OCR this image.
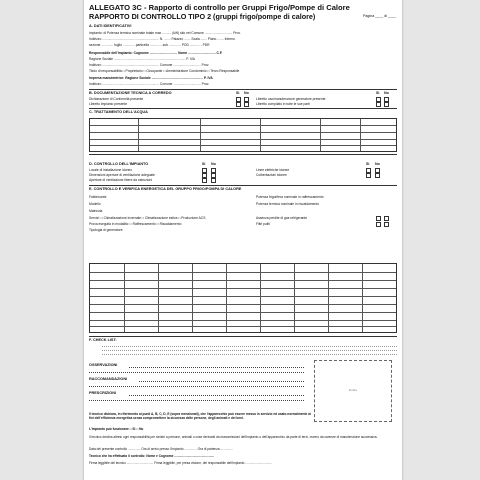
ALLEGATO 3C - Rapporto di controllo per Gruppi Frigo/Pompe di Calore
RAPPORTO DI CONTROLLO TIPO 2 (gruppi frigo/pompe di calore)	Pagina ____ di ____
A. DATI IDENTIFICATIVI
Impianto: di Potenza termica nominale totale max .......... (kW) sito nel Comune .............................. Prov.
Indirizzo .............................................................. N. ....... Palazzo ....... Scala ....... Piano ....... Interno
sezione ............. foglio ............. particella ............. sub ............. POD ............. PDR
Responsabile dell'impianto: Cognome .............................. Nome .............................. C.F.
Ragione Sociale .............................................................................. P. IVA
Indirizzo .............................................................. Comune .............................. Prov.
Titolo di responsabilità □ Proprietario □ Occupante □ Amministratore Condominio □ Terzo Responsabile
Impresa manutentrice: Ragione Sociale ........................................................ P. IVA
Indirizzo .............................................................. Comune .............................. Prov.
B. DOCUMENTAZIONE TECNICA A CORREDO	Si No	Si No
Dichiarazione di Conformità presente
Libretto impianto presente
Libretto uso/manutenzione generatore presente
Libretto compilato in tutte le sue parti
C. TRATTAMENTO DELL'ACQUA
D. CONTROLLO DELL'IMPIANTO	Si No	Si No
Locale di installazione idoneo
Dimensioni aperture di ventilazione adeguate
Aperture di ventilazione libere da ostruzioni
Linee elettriche idonee
Coibentazioni idonee
E. CONTROLLO E VERIFICA ENERGETICA DEL GRUPPO FRIGO/POMPA DI CALORE
Fabbricante
Modello
Matricola
Servizi: □ Climatizzazione invernale □ Climatizzazione estiva □ Produzione ACS
Prova eseguita in modalità: □ Raffrescamento □ Riscaldamento
Tipologia di generatore
Potenza frigorifera nominale in raffrescamento
Potenza termica nominale in riscaldamento
Assenza perdite di gas refrigerante
Filtri puliti
F. CHECK LIST:
OSSERVAZIONI
RACCOMANDAZIONI
PRESCRIZIONI
timbro
Il tecnico dichiara, in riferimento ai punti A, B, C, D, E (sopra menzionati), che l'apparecchio può essere messo in servizio ed usato normalmente ai fini dell'efficienza energetica senza compromettere la sicurezza delle persone, degli animali e dei beni.
L'impianto può funzionare □ Si □ No
Il tecnico declina altresì ogni responsabilità per sinistri a persone, animali o cose derivanti da manomissioni dell'impianto o dell'apparecchio da parte di terzi, ovvero da carenze di manutenzione successiva.
Data del presente controllo .............. Ora di arrivo presso l'impianto .............. Ora di partenza ..............
Tecnico che ha effettuato il controllo: Nome e Cognome .............................................
Firma leggibile del tecnico .............................. Firma leggibile, per presa visione, del responsabile dell'impianto ..............................
